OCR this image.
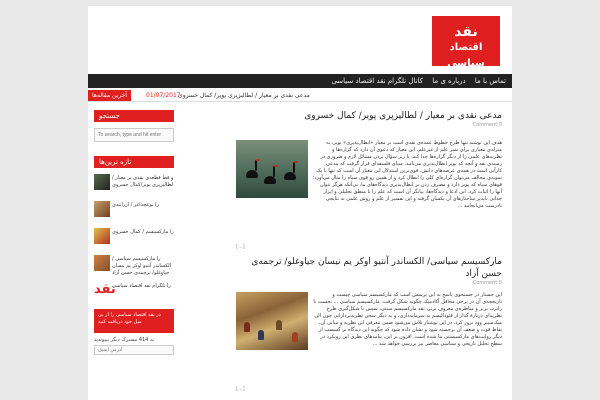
نقد
اقتصاد سیاسی
تماس با ما درباره ی ما کانال تلگرام نقد اقتصاد سیاسی
آخرین مقاله‌ها	01/07/2017
مدعی نقدی بر معیار / لطالیزپری پویر/ کمال خسروی
جستجو
To search, type and hit enter
تازه ترین‌ها
و قط قطعه‌ی نقدی بر معیار / لطالیزپری پویر/کمال خسروی
را نوعچدا‌غر / آزرانندی
را مارکسیسم / کمال خسروی
را مارکسیسم سیاسی / الکساندر آنتیو اوکر یم نیسان جیاوغلو/ ترجمه‌ی حسن آزاد
نقد
را تلگرام نقد اقتصاد سیاسی
در نقد اقتصاد سیاسی را از بی میل خود دریافت کنید
به 414 مشترک دیگر بپیوندید
آدرس ایمیل
مدعی نقدی بر معیار / لطالیزپری پویر/ کمال خسروی
Comment 0
هدف این نوشته تنها طرح خطوط عمده‌ی نقدی است بر معیار «ابطال‌پذیری» پوپر، به منزله‌ی معیاری برای تمیز علم از غیرعلم. این معیار که دعوی آن دارد که گزاره‌ها و نظریه‌های علمی را از دیگر گزاره‌ها جدا کند، با زیر سؤال بردن مسائل لازم و ضروری در زمینه‌ی نقد و آنچه که پوپر ابطال‌پذیری می‌نامد، مبنای فلسفه‌ای قرار گرفت که مدعی کارآیی است در همه‌ی عرصه‌های دانش. قوی‌ترین استدلال این معیار آن است که تنها با یک نمونه‌ی مخالف می‌توان گزاره‌ای کلی را ابطال کرد و از همین رو قوی سیاه را مثال می‌آورد؛ قوهای سیاه که پوپر دارد و مصرف زدن بر ابطال‌پذیری دیدگاه‌های ما، بی‌آنکه هرگز نتوان آنها را اثبات کرد. این ادعا و دیدگاه‌ها، بیانگر آن است که علم را با منطق تحلیلی و ابزار جدایی ناپذیر ساختارهای آن یکسان گرفته و این تفسیر از علم و روش علمی به نتایجی نادرست می‌انجامد ...
[...]
مارکسیسم سیاسی/ الکساندر آنتیو اوکر یم نیسان جیاوغلو/ ترجمه‌ی حسن آزاد
Comment 0
این جستار در جستجوی پاسخ به این پرسش است که مارکسیسم سیاسی چیست و تاریخچه‌ی آن در برخی محافل آکادمیک چگونه شکل گرفت. مارکسیسم سیاسی ... نخست با رابرت برنر و مناظره‌ی معروف برنر، نقد مارکسیسم سنتی، سپس با شکل‌گیری طرح نظریه‌ای دربارۀ گذار از فئودالیسم به سرمایه‌داری، و به دیگر سخن نظریه‌پردازانی چون الن میک‌سینز وود بروز کرد. در این نوشتار تلاش می‌شود ضمن معرفی این نظریه و مبانی آن، نقاط قوت و ضعف آن برجسته شود و نشان داده شود که چگونه این دیدگاه بر گسست از دیگر روایت‌های مارکسیستی بنا شده است. افزون بر این، پیامدهای نظری این رویکرد در سطح تحلیل تاریخی و سیاسی معاصر نیز بررسی خواهد شد ...
[...]
